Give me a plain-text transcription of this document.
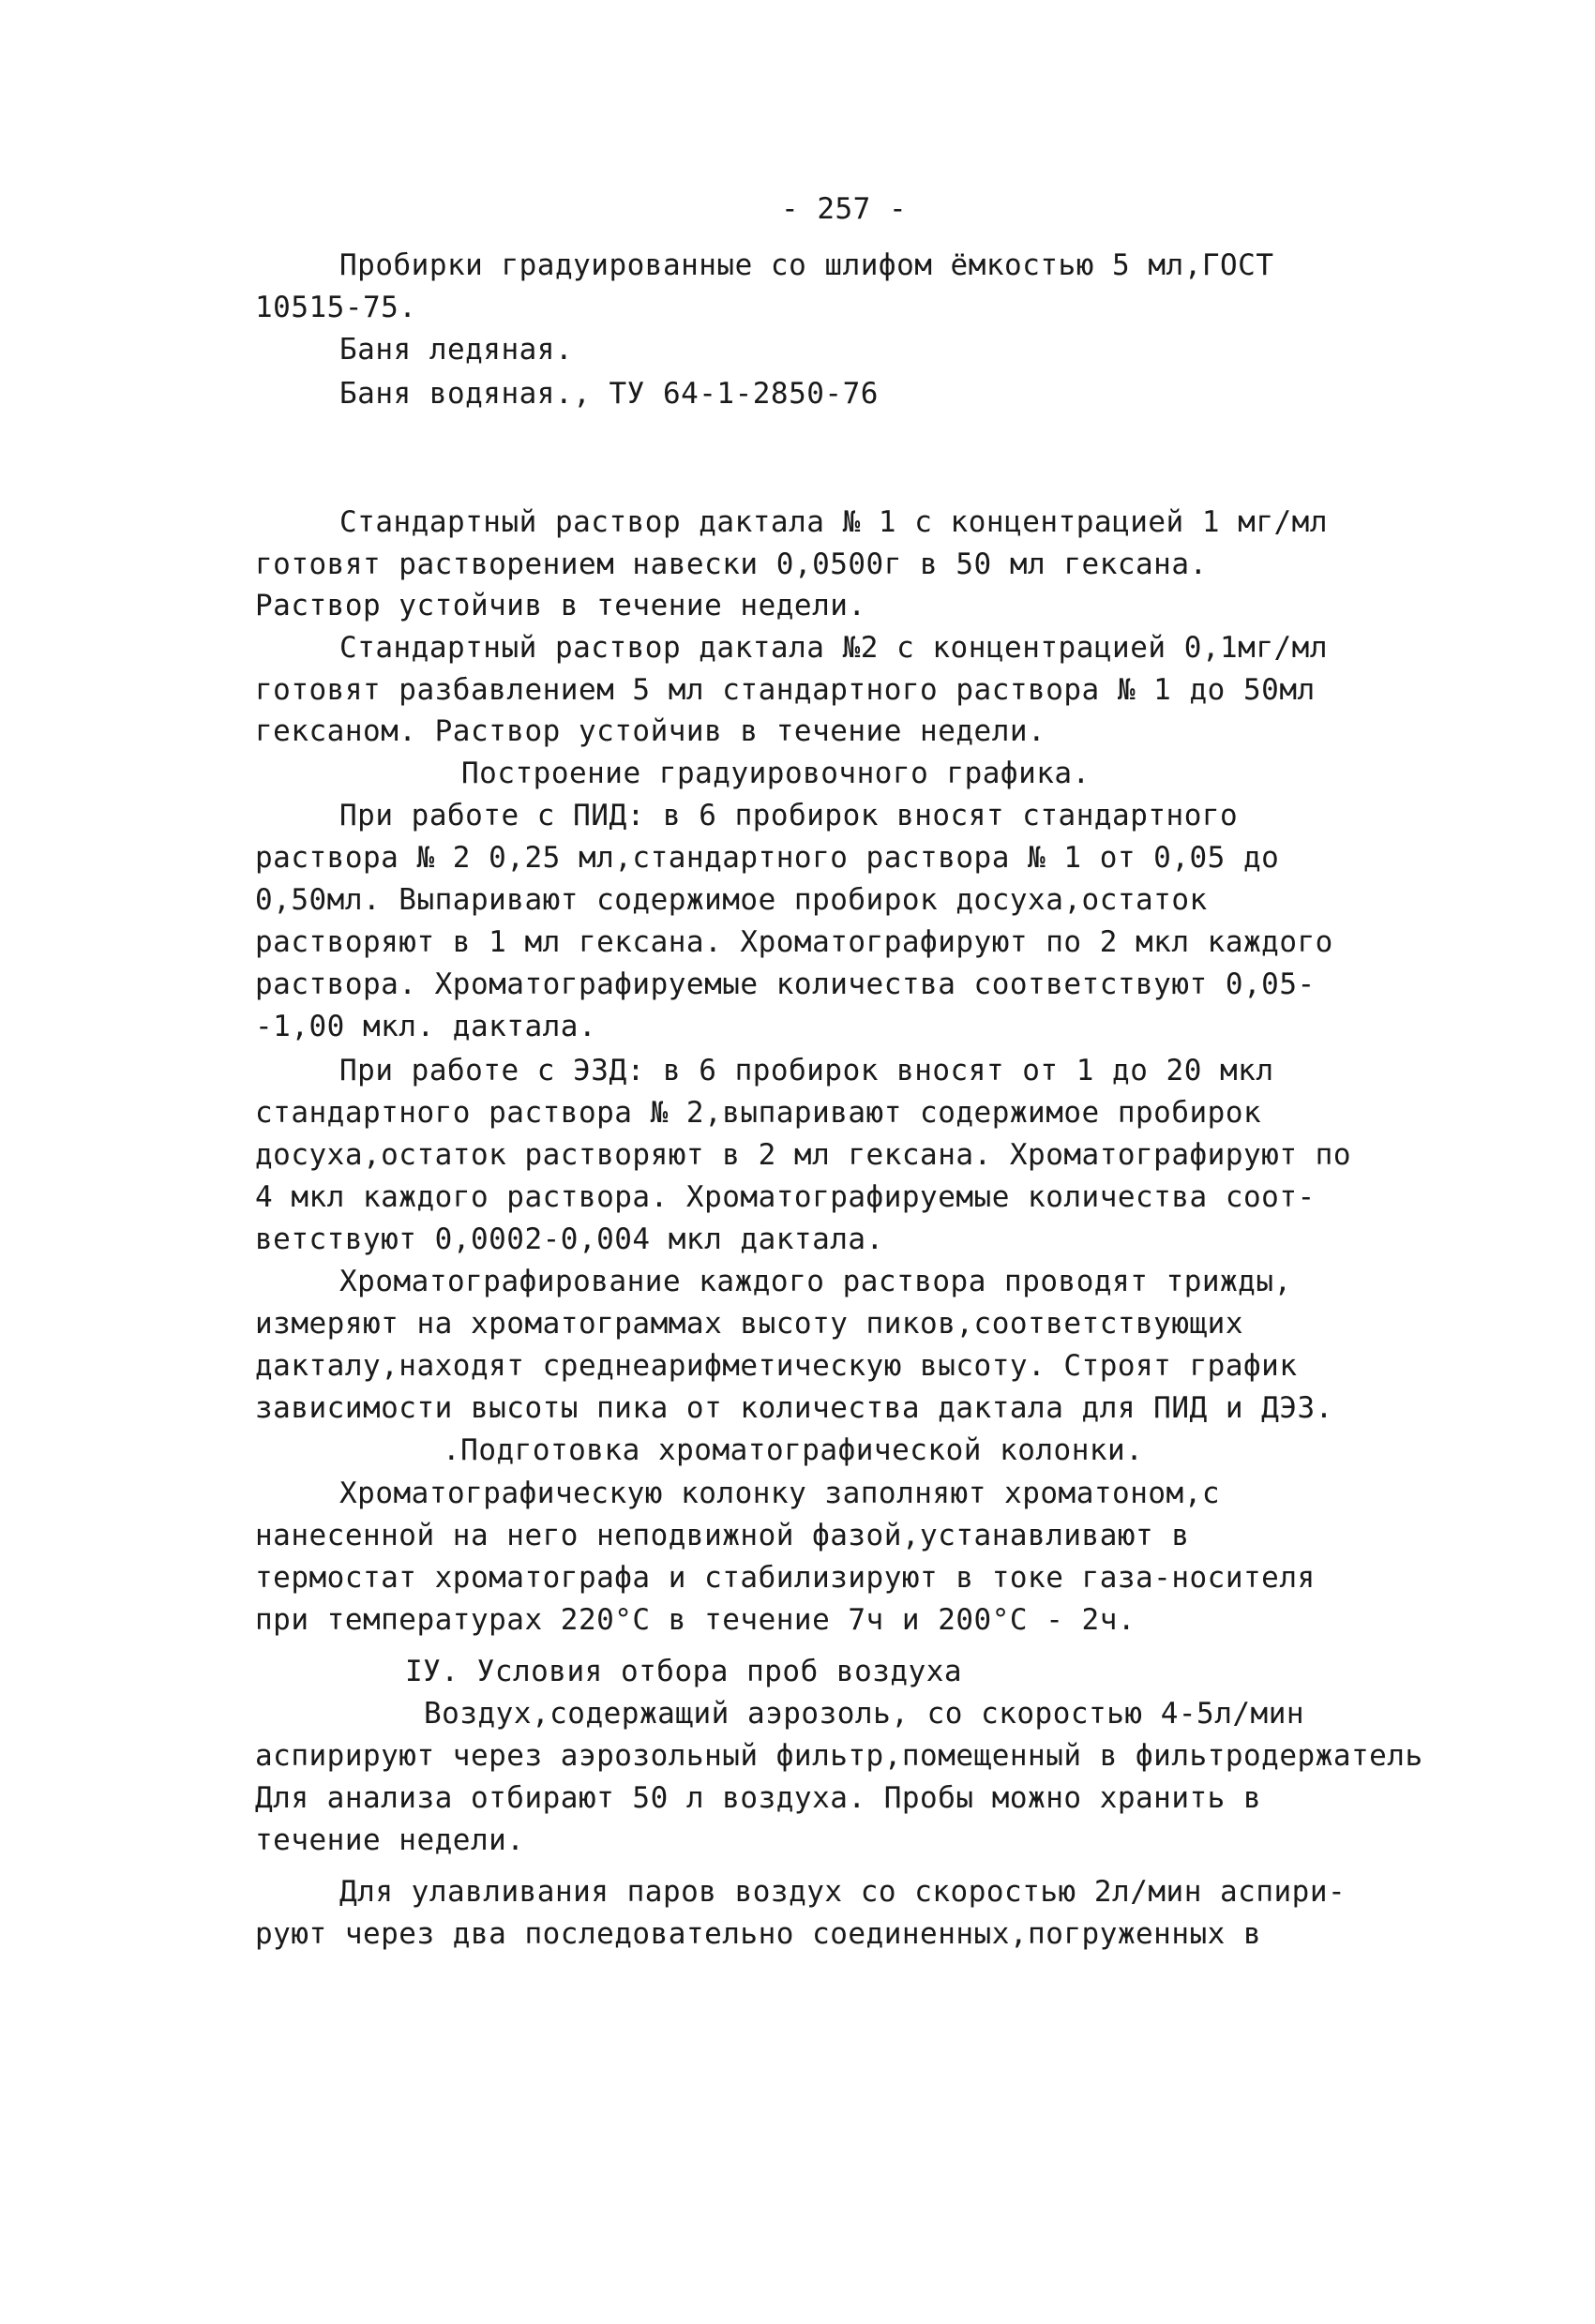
- 257 -
Пробирки градуированные со шлифом ёмкостью 5 мл,ГОСТ
10515-75.
Баня ледяная.
Баня водяная., ТУ 64-1-2850-76
Стандартный раствор дактала № 1 с концентрацией 1 мг/мл
готовят растворением навески 0,0500г в 50 мл гексана.
Раствор устойчив в течение недели.
Стандартный раствор дактала №2 с концентрацией 0,1мг/мл
готовят разбавлением 5 мл стандартного раствора № 1 до 50мл
гексаном. Раствор устойчив в течение недели.
Построение градуировочного графика.
При работе с ПИД: в 6 пробирок вносят стандартного
раствора № 2 0,25 мл,стандартного раствора № 1 от 0,05 до
0,50мл. Выпаривают содержимое пробирок досуха,остаток
растворяют в 1 мл гексана. Хроматографируют по 2 мкл каждого
раствора. Хроматографируемые количества соответствуют 0,05-
-1,00 мкл. дактала.
При работе с ЭЗД: в 6 пробирок вносят от 1 до 20 мкл
стандартного раствора № 2,выпаривают содержимое пробирок
досуха,остаток растворяют в 2 мл гексана. Хроматографируют по
4 мкл каждого раствора. Хроматографируемые количества соот-
ветствуют 0,0002-0,004 мкл дактала.
Хроматографирование каждого раствора проводят трижды,
измеряют на хроматограммах высоту пиков,соответствующих
дакталу,находят среднеарифметическую высоту. Строят график
зависимости высоты пика от количества дактала для ПИД и ДЭЗ.
.Подготовка хроматографической колонки.
Хроматографическую колонку заполняют хроматоном,с
нанесенной на него неподвижной фазой,устанавливают в
термостат хроматографа и стабилизируют в токе газа-носителя
при температурах 220°С в течение 7ч и 200°С - 2ч.
IУ. Условия отбора проб воздуха
Воздух,содержащий аэрозоль, со скоростью 4-5л/мин
аспирируют через аэрозольный фильтр,помещенный в фильтродержатель
Для анализа отбирают 50 л воздуха. Пробы можно хранить в
течение недели.
Для улавливания паров воздух со скоростью 2л/мин аспири-
руют через два последовательно соединенных,погруженных в
